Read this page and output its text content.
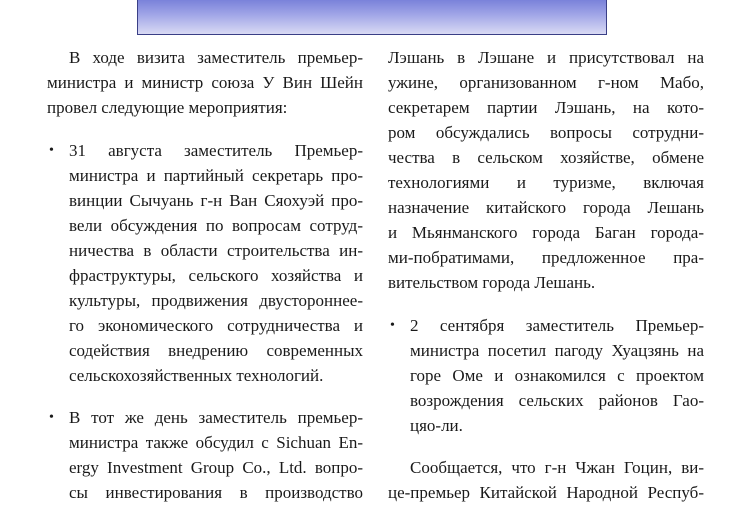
В ходе визита заместитель премьер-

министра и министр союза У Вин Шейн

провел следующие мероприятия:

• 31 августа заместитель Премьер-

министра и партийный секретарь про-

винции Сычуань г-н Ван Сяохуэй про-

вели обсуждения по вопросам сотруд-

ничества в области строительства ин-

фраструктуры, сельского хозяйства и

культуры, продвижения двустороннее-

го экономического сотрудничества и

содействия внедрению современных

сельскохозяйственных технологий.

• В тот же день заместитель премьер-

министра также обсудил с Sichuan En-

ergy Investment Group Co., Ltd. вопро-

сы инвестирования в производство

Лэшань в Лэшане и присутствовал на

ужине, организованном г-ном Мабо,

секретарем партии Лэшань, на кото-

ром обсуждались вопросы сотрудни-

чества в сельском хозяйстве, обмене

технологиями и туризме, включая

назначение китайского города Лешань

и Мьянманского города Баган города-

ми-побратимами, предложенное пра-

вительством города Лешань.

• 2 сентября заместитель Премьер-

министра посетил пагоду Хуацзянь на

горе Оме и ознакомился с проектом

возрождения сельских районов Гао-

цяо-ли.

Сообщается, что г-н Чжан Гоцин, ви-

це-премьер Китайской Народной Респуб-
